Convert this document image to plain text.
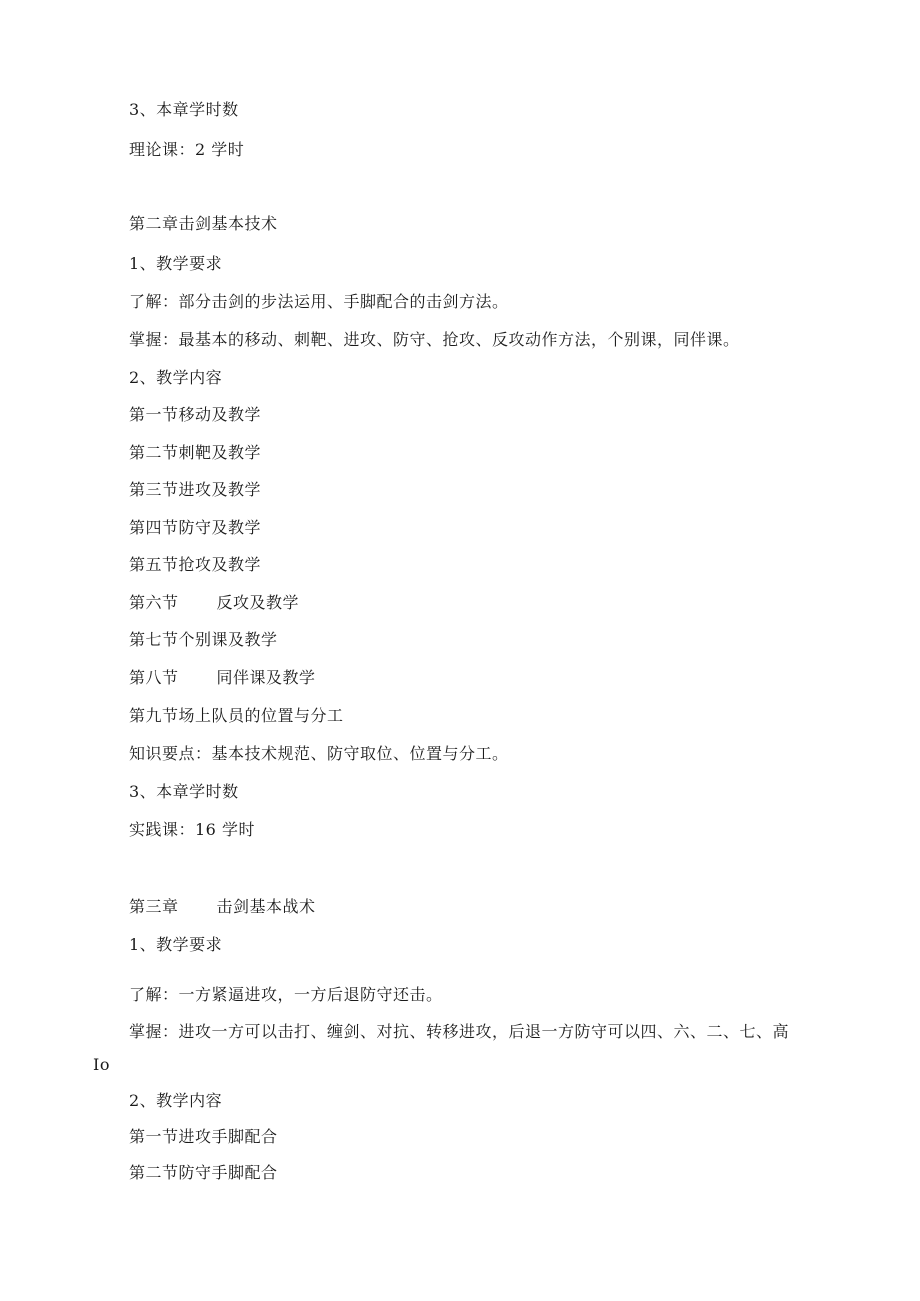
3、本章学时数
理论课：2 学时
第二章击剑基本技术
1、教学要求
了解：部分击剑的步法运用、手脚配合的击剑方法。
掌握：最基本的移动、刺靶、进攻、防守、抢攻、反攻动作方法，个别课，同伴课。
2、教学内容
第一节移动及教学
第二节刺靶及教学
第三节进攻及教学
第四节防守及教学
第五节抢攻及教学
第六节 反攻及教学
第七节个别课及教学
第八节 同伴课及教学
第九节场上队员的位置与分工
知识要点：基本技术规范、防守取位、位置与分工。
3、本章学时数
实践课：16 学时
第三章 击剑基本战术
1、教学要求
了解：一方紧逼进攻，一方后退防守还击。
掌握：进攻一方可以击打、缠剑、对抗、转移进攻，后退一方防守可以四、六、二、七、高
Io
2、教学内容
第一节进攻手脚配合
第二节防守手脚配合
